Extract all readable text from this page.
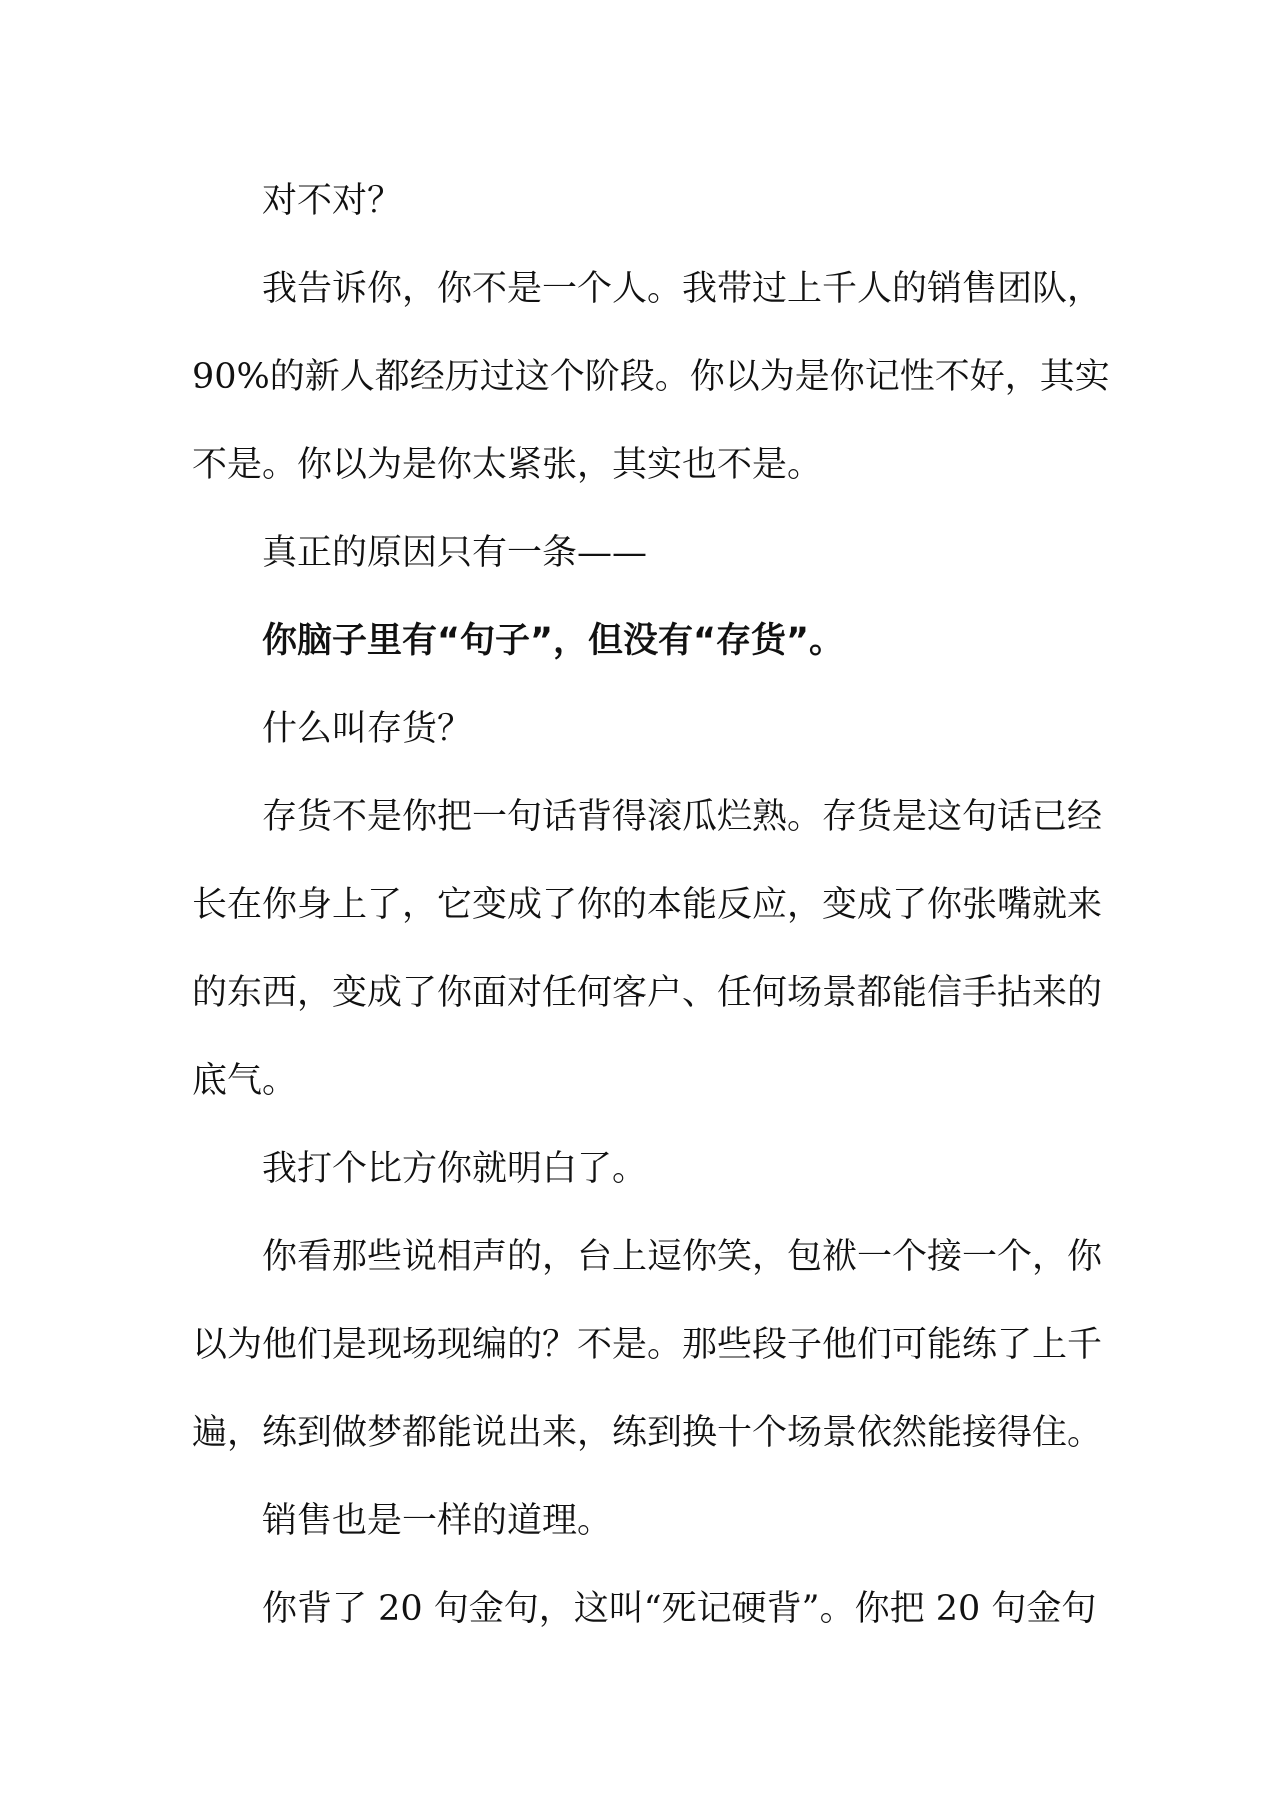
对不对？
我告诉你，你不是一个人。我带过上千人的销售团队，
90%的新人都经历过这个阶段。你以为是你记性不好，其实
不是。你以为是你太紧张，其实也不是。
真正的原因只有一条——
你脑子里有“句子”，但没有“存货”。
什么叫存货？
存货不是你把一句话背得滚瓜烂熟。存货是这句话已经
长在你身上了，它变成了你的本能反应，变成了你张嘴就来
的东西，变成了你面对任何客户、任何场景都能信手拈来的
底气。
我打个比方你就明白了。
你看那些说相声的，台上逗你笑，包袱一个接一个，你
以为他们是现场现编的？不是。那些段子他们可能练了上千
遍，练到做梦都能说出来，练到换十个场景依然能接得住。
销售也是一样的道理。
你背了 20 句金句，这叫“死记硬背”。你把 20 句金句
